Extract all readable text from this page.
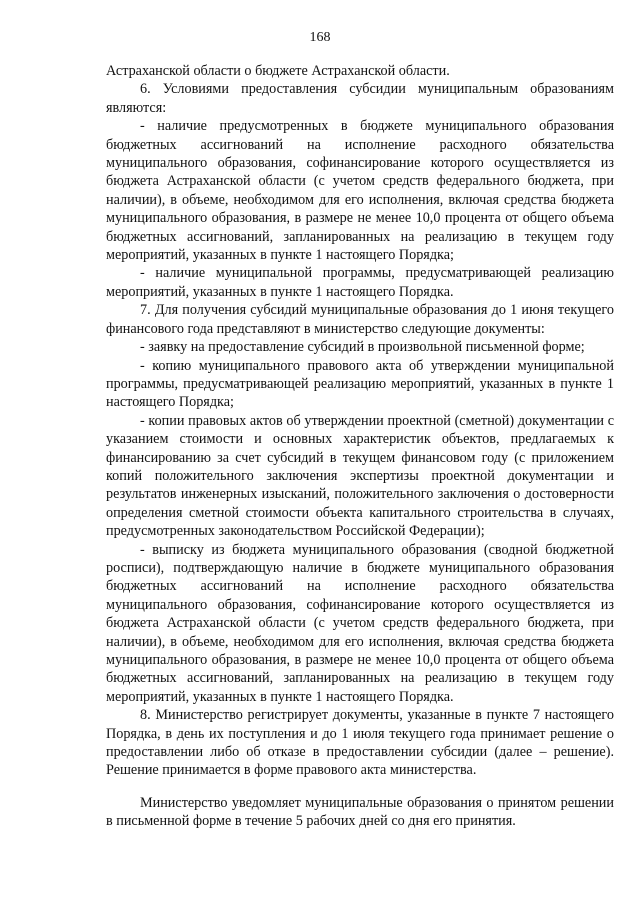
168

Астраханской области о бюджете Астраханской области.

6. Условиями предоставления субсидии муниципальным образованиям являются:

- наличие предусмотренных в бюджете муниципального образования бюджетных ассигнований на исполнение расходного обязательства муниципального образования, софинансирование которого осуществляется из бюджета Астраханской области (с учетом средств федерального бюджета, при наличии), в объеме, необходимом для его исполнения, включая средства бюджета муниципального образования, в размере не менее 10,0 процента от общего объема бюджетных ассигнований, запланированных на реализацию в текущем году мероприятий, указанных в пункте 1 настоящего Порядка;

- наличие муниципальной программы, предусматривающей реализацию мероприятий, указанных в пункте 1 настоящего Порядка.

7. Для получения субсидий муниципальные образования до 1 июня текущего финансового года представляют в министерство следующие документы:

- заявку на предоставление субсидий в произвольной письменной форме;

- копию муниципального правового акта об утверждении муниципальной программы, предусматривающей реализацию мероприятий, указанных в пункте 1 настоящего Порядка;

- копии правовых актов об утверждении проектной (сметной) документации с указанием стоимости и основных характеристик объектов, предлагаемых к финансированию за счет субсидий в текущем финансовом году (с приложением копий положительного заключения экспертизы проектной документации и результатов инженерных изысканий, положительного заключения о достоверности определения сметной стоимости объекта капитального строительства в случаях, предусмотренных законодательством Российской Федерации);

- выписку из бюджета муниципального образования (сводной бюджетной росписи), подтверждающую наличие в бюджете муниципального образования бюджетных ассигнований на исполнение расходного обязательства муниципального образования, софинансирование которого осуществляется из бюджета Астраханской области (с учетом средств федерального бюджета, при наличии), в объеме, необходимом для его исполнения, включая средства бюджета муниципального образования, в размере не менее 10,0 процента от общего объема бюджетных ассигнований, запланированных на реализацию в текущем году мероприятий, указанных в пункте 1 настоящего Порядка.

8. Министерство регистрирует документы, указанные в пункте 7 настоящего Порядка, в день их поступления и до 1 июля текущего года принимает решение о предоставлении либо об отказе в предоставлении субсидии (далее – решение). Решение принимается в форме правового акта министерства.

Министерство уведомляет муниципальные образования о принятом решении в письменной форме в течение 5 рабочих дней со дня его принятия.
